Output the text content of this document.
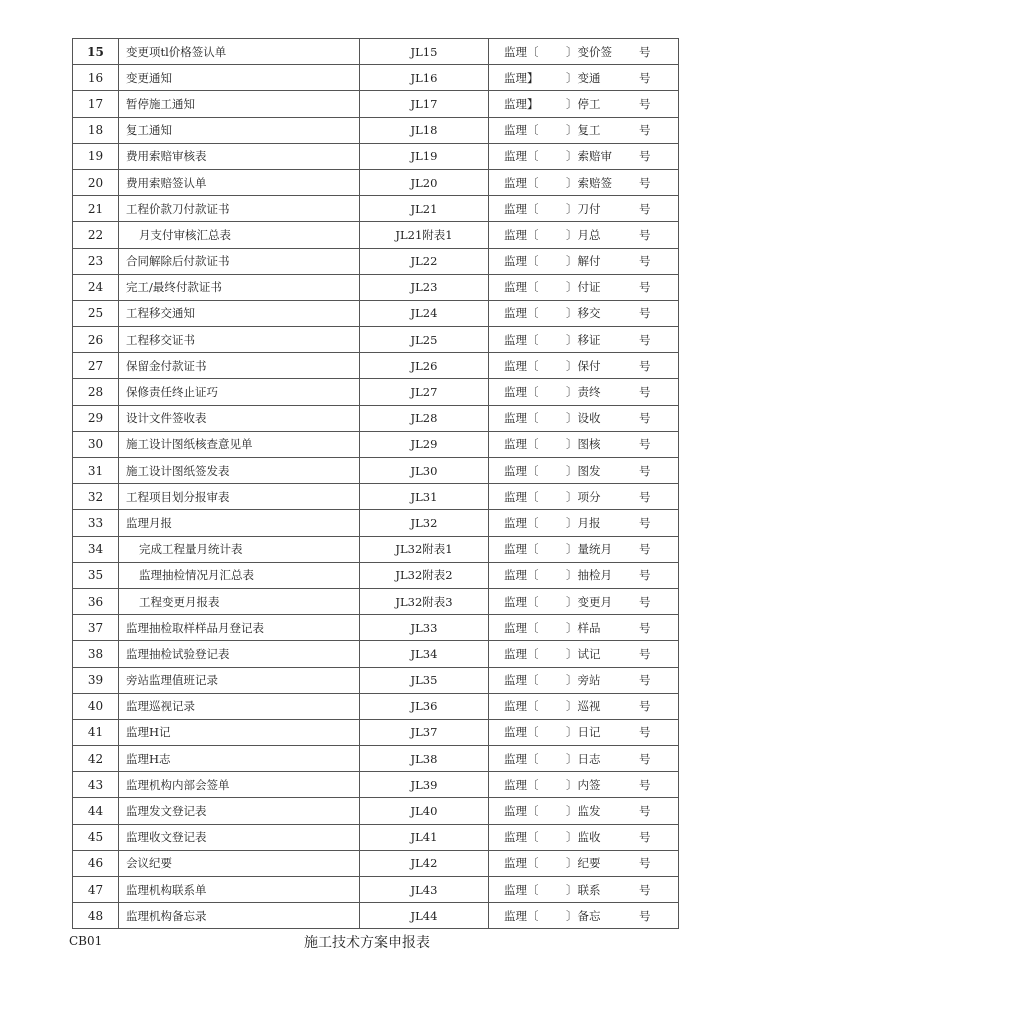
15	变更项tl价格签认单	JL15	监理〔 〕变价签 号

16	变更通知	JL16	监理】 〕变通 号

17	暂停施工通知	JL17	监理】 〕停工 号

18	复工通知	JL18	监理〔 〕复工 号

19	费用索赔审核表	JL19	监理〔 〕索赔审 号

20	费用索赔签认单	JL20	监理〔 〕索赔签 号

21	工程价款刀付款证书	JL21	监理〔 〕刀付 号

22	月支付审核汇总表	JL21附表1	监理〔 〕月总 号

23	合同解除后付款证书	JL22	监理〔 〕解付 号

24	完工/最终付款证书	JL23	监理〔 〕付证 号

25	工程移交通知	JL24	监理〔 〕移交 号

26	工程移交证书	JL25	监理〔 〕移证 号

27	保留金付款证书	JL26	监理〔 〕保付 号

28	保修责任终止证巧	JL27	监理〔 〕责终 号

29	设计文件签收表	JL28	监理〔 〕设收 号

30	施工设计图纸核查意见单	JL29	监理〔 〕图核 号

31	施工设计图纸签发表	JL30	监理〔 〕图发 号

32	工程项目划分报审表	JL31	监理〔 〕项分 号

33	监理月报	JL32	监理〔 〕月报 号

34	完成工程量月统计表	JL32附表1	监理〔 〕量统月 号

35	监理抽检情况月汇总表	JL32附表2	监理〔 〕抽检月 号

36	工程变更月报表	JL32附表3	监理〔 〕变更月 号

37	监理抽检取样样品月登记表	JL33	监理〔 〕样品 号

38	监理抽检试验登记表	JL34	监理〔 〕试记 号

39	旁站监理值班记录	JL35	监理〔 〕旁站 号

40	监理巡视记录	JL36	监理〔 〕巡视 号

41	监理H记	JL37	监理〔 〕日记 号

42	监理H志	JL38	监理〔 〕日志 号

43	监理机构内部会签单	JL39	监理〔 〕内签 号

44	监理发文登记表	JL40	监理〔 〕监发 号

45	监理收文登记表	JL41	监理〔 〕监收 号

46	会议纪要	JL42	监理〔 〕纪要 号

47	监理机构联系单	JL43	监理〔 〕联系 号

48	监理机构备忘录	JL44	监理〔 〕备忘 号
CB01	施工技术方案申报表
